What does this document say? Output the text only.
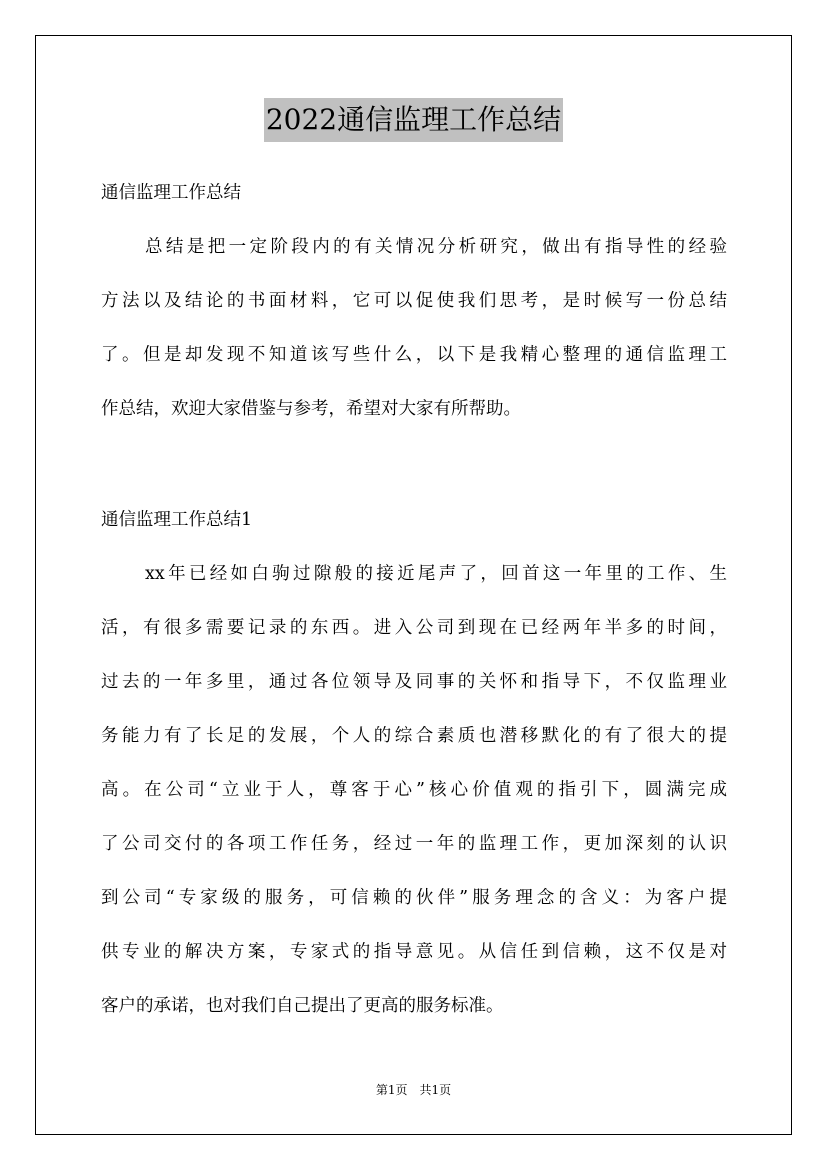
2022通信监理工作总结
通信监理工作总结
总结是把一定阶段内的有关情况分析研究，做出有指导性的经验
方法以及结论的书面材料，它可以促使我们思考，是时候写一份总结
了。但是却发现不知道该写些什么，以下是我精心整理的通信监理工
作总结，欢迎大家借鉴与参考，希望对大家有所帮助。
通信监理工作总结1
xx年已经如白驹过隙般的接近尾声了，回首这一年里的工作、生
活，有很多需要记录的东西。进入公司到现在已经两年半多的时间，
过去的一年多里，通过各位领导及同事的关怀和指导下，不仅监理业
务能力有了长足的发展，个人的综合素质也潜移默化的有了很大的提
高。在公司“立业于人，尊客于心”核心价值观的指引下，圆满完成
了公司交付的各项工作任务，经过一年的监理工作，更加深刻的认识
到公司“专家级的服务，可信赖的伙伴”服务理念的含义：为客户提
供专业的解决方案，专家式的指导意见。从信任到信赖，这不仅是对
客户的承诺，也对我们自己提出了更高的服务标准。
第1页　共1页
